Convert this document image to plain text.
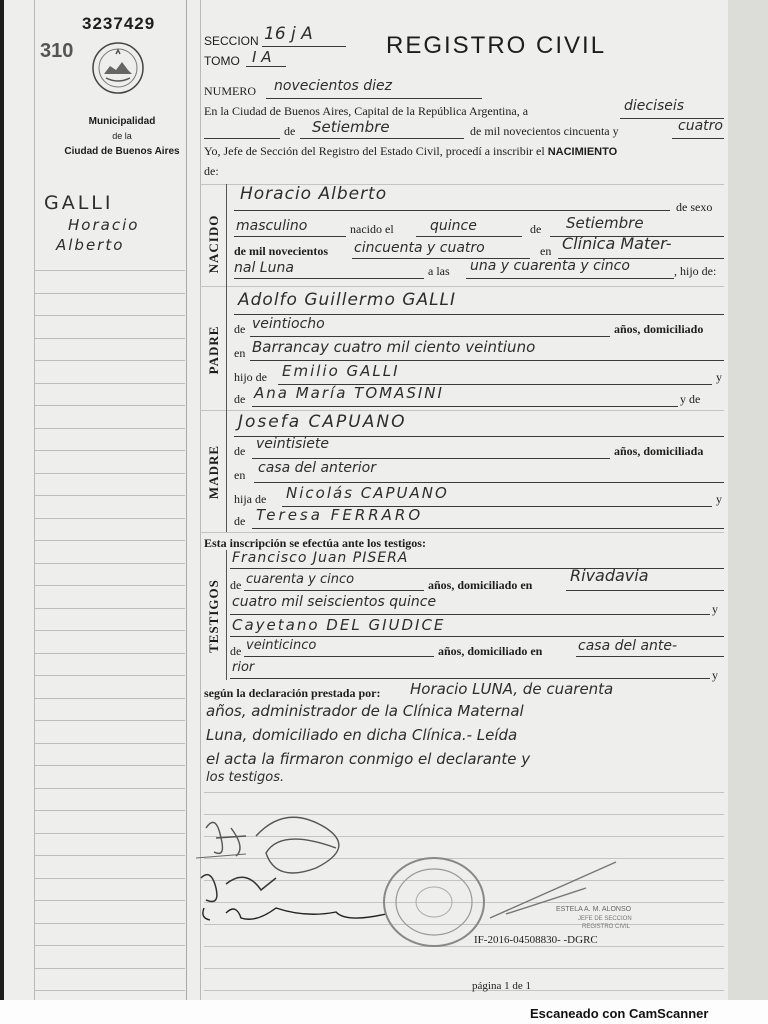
3237429
310
Municipalidad
de la
Ciudad de Buenos Aires
SECCION 16 j A
TOMO I A	REGISTRO CIVIL
GALLI
Horacio
Alberto
NUMERO novecientos diez
En la Ciudad de Buenos Aires, Capital de la República Argentina, a	dieciseis
de Setiembre	de mil novecientos cincuenta y	cuatro
Yo, Jefe de Sección del Registro del Estado Civil, procedí a inscribir el NACIMIENTO
de:
NACIDO
Horacio Alberto
de sexo
masculino	nacido el	quince	de Setiembre
de mil novecientos cincuenta y cuatro	en Clínica Mater-
nal Luna	a las una y cuarenta y cinco	, hijo de:
PADRE
Adolfo Guillermo GALLI
de veintiocho	años, domiciliado
en Barrancay cuatro mil ciento veintiuno
hijo de Emilio GALLI	y
de Ana María TOMASINI	y de
MADRE
Josefa CAPUANO
de veintisiete	años, domiciliada
en casa del anterior
hija de Nicolás CAPUANO	y
de Teresa FERRARO
Esta inscripción se efectúa ante los testigos:
TESTIGOS
Francisco Juan PISERA
de cuarenta y cinco	años, domiciliado en Rivadavia
cuatro mil seiscientos quince	y
Cayetano DEL GIUDICE
de veinticinco	años, domiciliado en	casa del ante-
rior	y
según la declaración prestada por: Horacio LUNA, de cuarenta
años, administrador de la Clínica Maternal
Luna, domiciliado en dicha Clínica.- Leída
el acta la firmaron conmigo el declarante y
los testigos.
ESTELA A. M. ALONSO
JEFE DE SECCION
REGISTRO CIVIL
IF-2016-04508830- -DGRC
página 1 de 1
Escaneado con CamScanner
